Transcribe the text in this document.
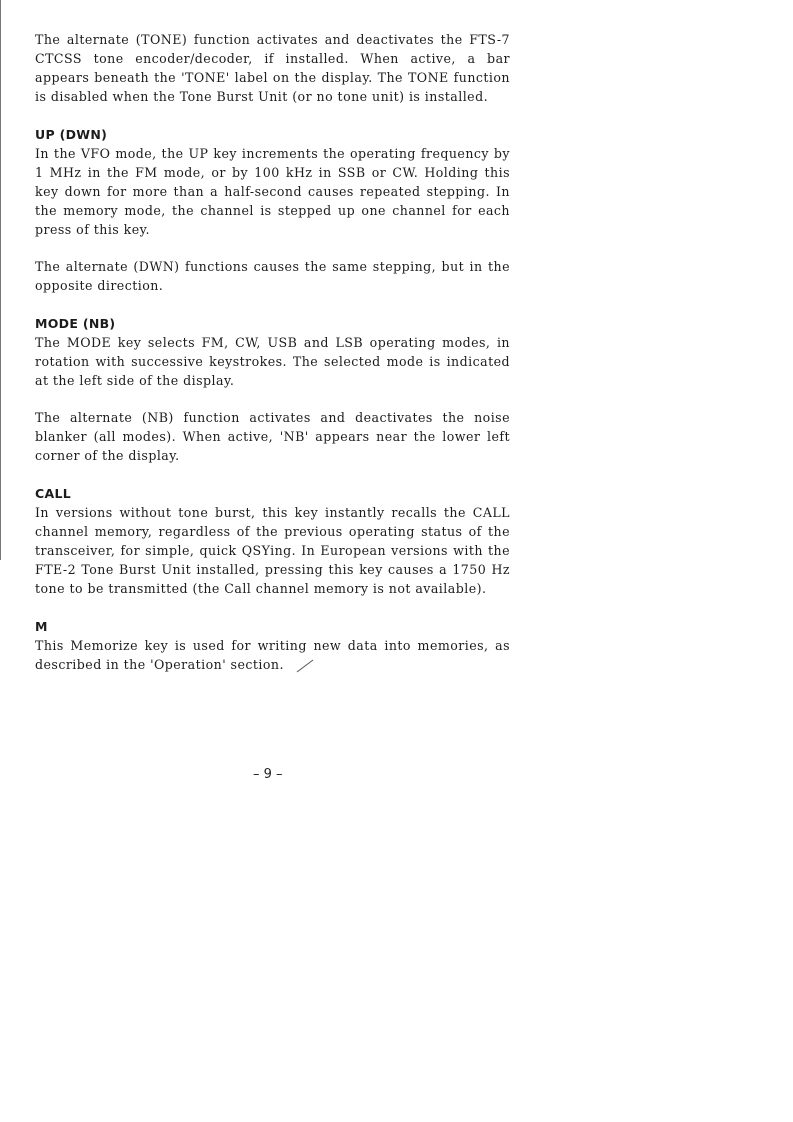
The alternate (TONE) function activates and deactivates the FTS-7 CTCSS tone encoder/decoder, if installed. When active, a bar appears beneath the 'TONE' label on the display. The TONE function is disabled when the Tone Burst Unit (or no tone unit) is installed.

UP (DWN)

In the VFO mode, the UP key increments the operating frequency by 1 MHz in the FM mode, or by 100 kHz in SSB or CW. Holding this key down for more than a half-second causes repeated stepping. In the memory mode, the channel is stepped up one channel for each press of this key.

The alternate (DWN) functions causes the same stepping, but in the opposite direction.

MODE (NB)

The MODE key selects FM, CW, USB and LSB operating modes, in rotation with successive keystrokes. The selected mode is indicated at the left side of the display.

The alternate (NB) function activates and deactivates the noise blanker (all modes). When active, 'NB' appears near the lower left corner of the display.

CALL

In versions without tone burst, this key instantly recalls the CALL channel memory, regardless of the previous operating status of the transceiver, for simple, quick QSYing. In European versions with the FTE-2 Tone Burst Unit installed, pressing this key causes a 1750 Hz tone to be transmitted (the Call channel memory is not available).

M

This Memorize key is used for writing new data into memories, as described in the 'Operation' section.

– 9 –
